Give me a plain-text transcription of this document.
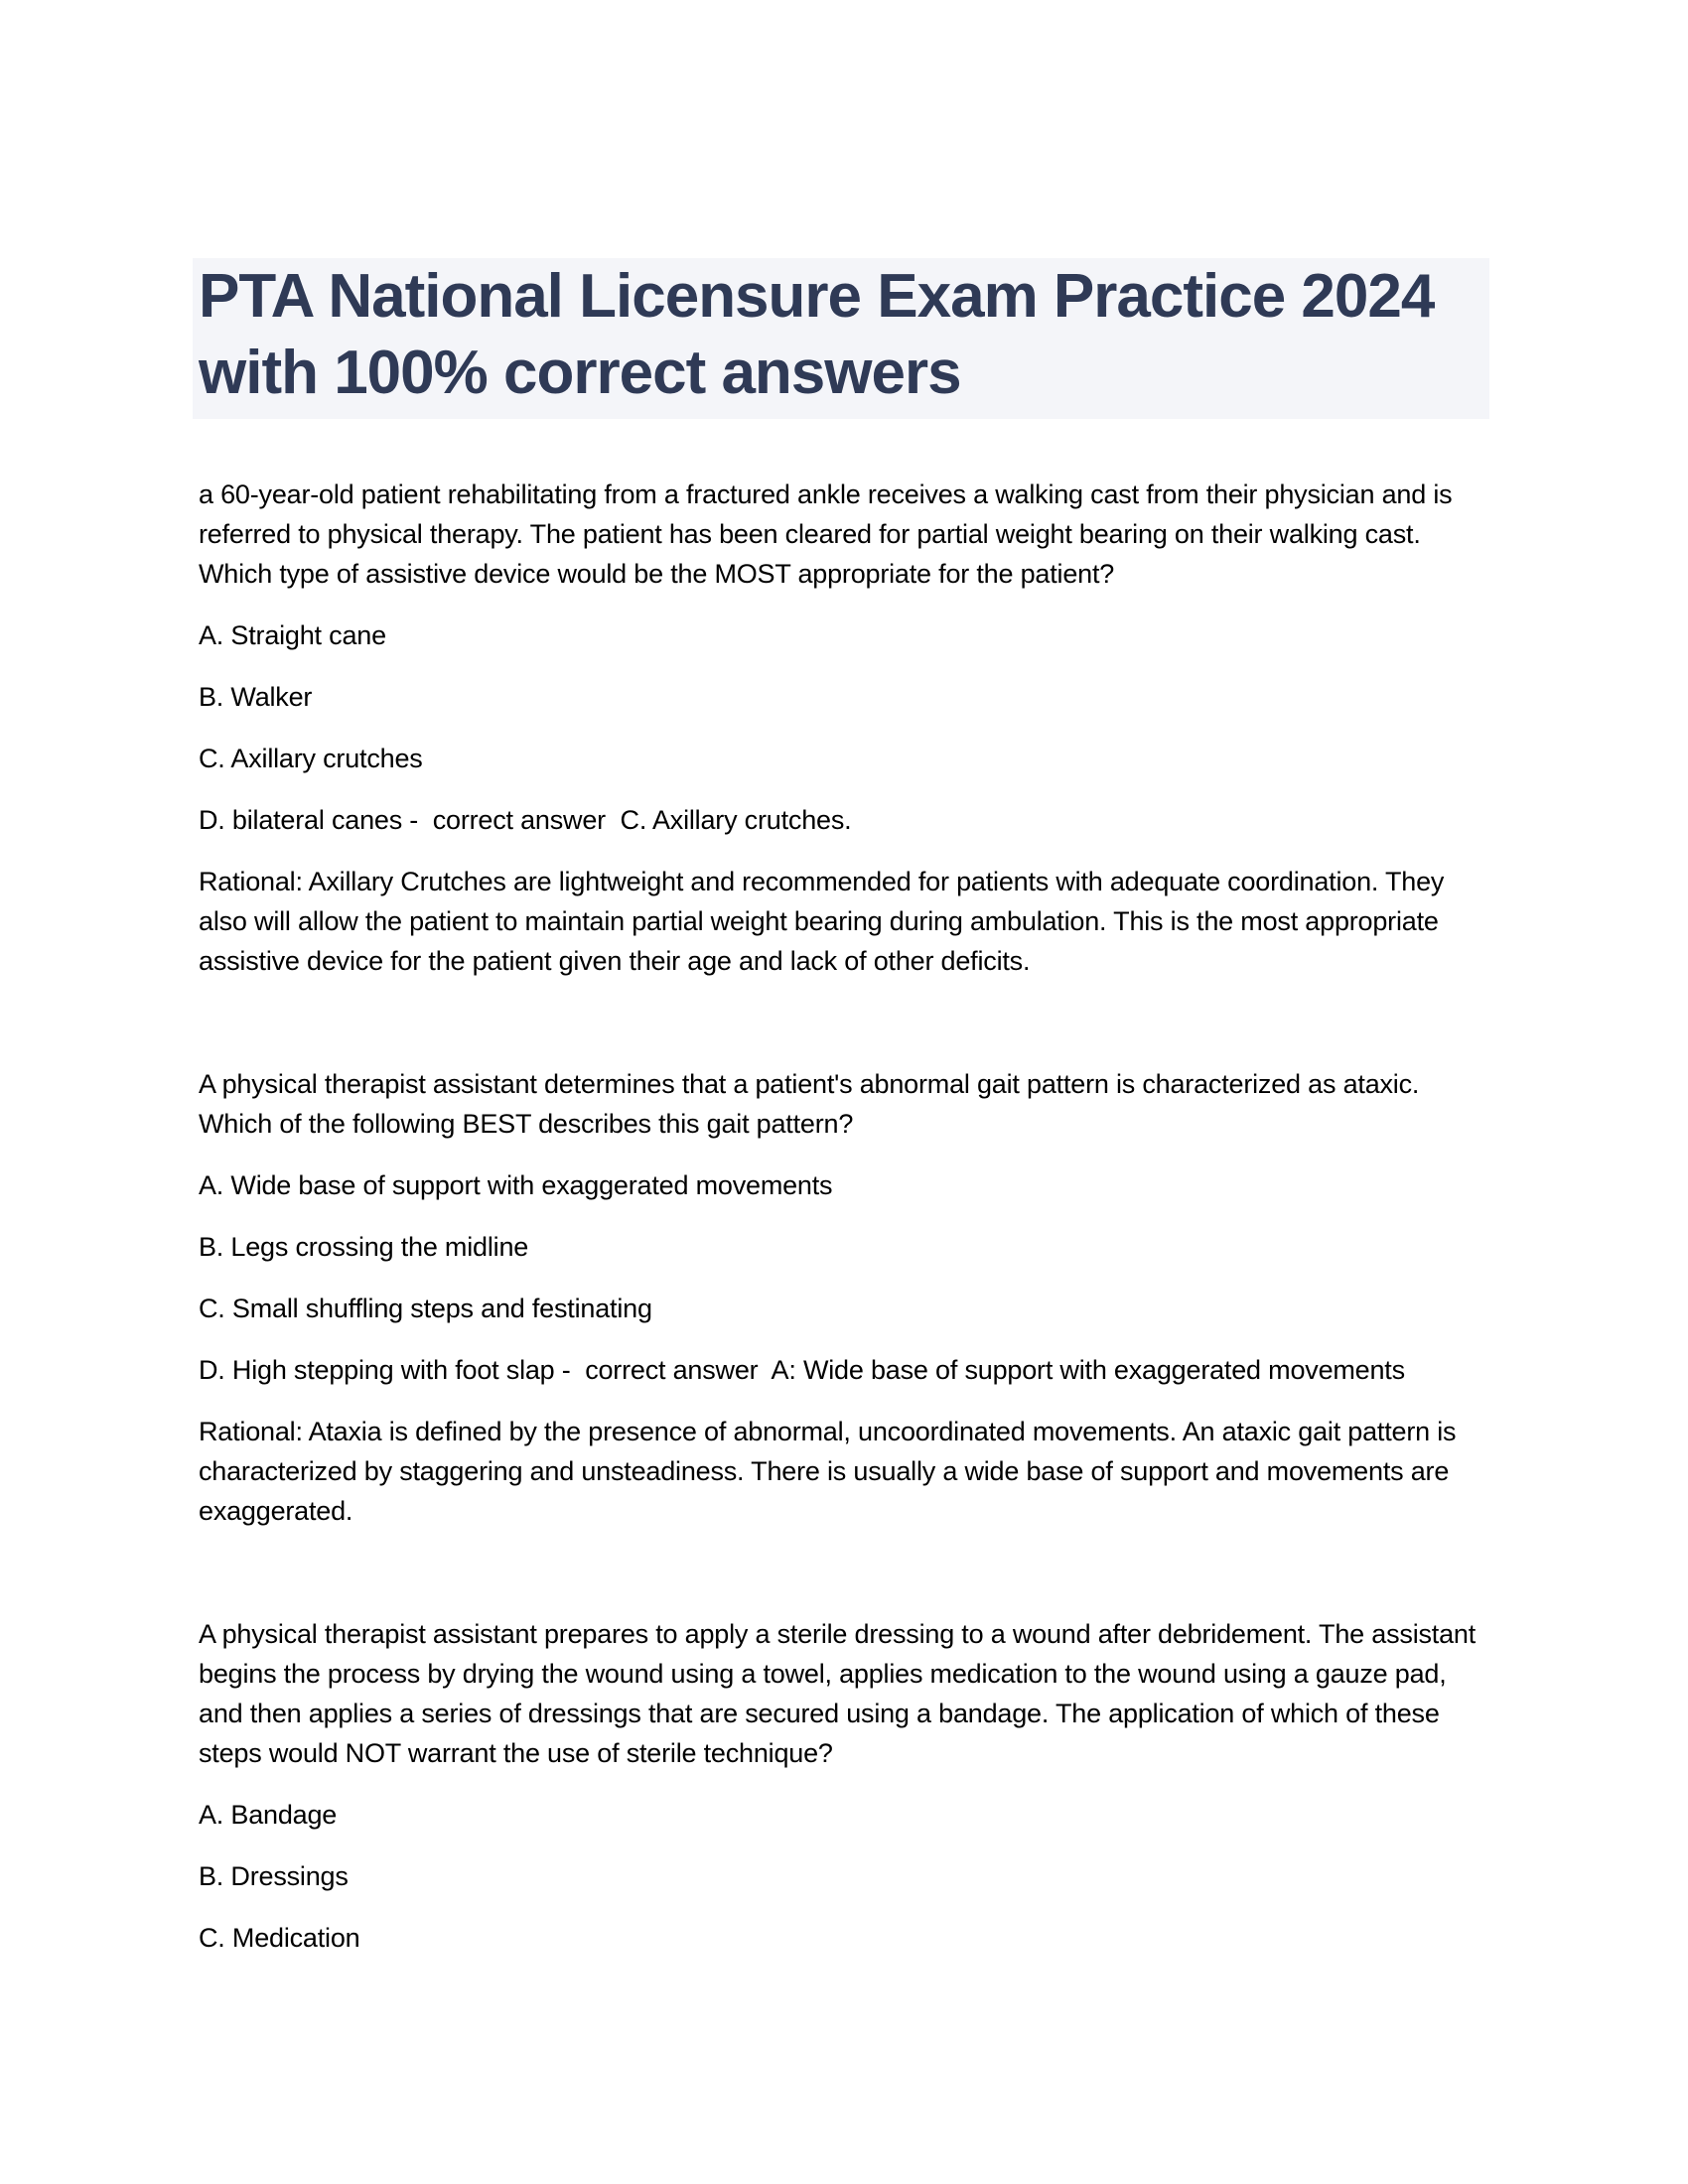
PTA National Licensure Exam Practice 2024 with 100% correct answers

a 60-year-old patient rehabilitating from a fractured ankle receives a walking cast from their physician and is referred to physical therapy. The patient has been cleared for partial weight bearing on their walking cast. Which type of assistive device would be the MOST appropriate for the patient?

A. Straight cane

B. Walker

C. Axillary crutches

D. bilateral canes -  correct answer  C. Axillary crutches.

Rational: Axillary Crutches are lightweight and recommended for patients with adequate coordination. They also will allow the patient to maintain partial weight bearing during ambulation. This is the most appropriate assistive device for the patient given their age and lack of other deficits.

A physical therapist assistant determines that a patient's abnormal gait pattern is characterized as ataxic. Which of the following BEST describes this gait pattern?

A. Wide base of support with exaggerated movements

B. Legs crossing the midline

C. Small shuffling steps and festinating

D. High stepping with foot slap -  correct answer  A: Wide base of support with exaggerated movements

Rational: Ataxia is defined by the presence of abnormal, uncoordinated movements. An ataxic gait pattern is characterized by staggering and unsteadiness. There is usually a wide base of support and movements are exaggerated.

A physical therapist assistant prepares to apply a sterile dressing to a wound after debridement. The assistant begins the process by drying the wound using a towel, applies medication to the wound using a gauze pad, and then applies a series of dressings that are secured using a bandage. The application of which of these steps would NOT warrant the use of sterile technique?

A. Bandage

B. Dressings

C. Medication
